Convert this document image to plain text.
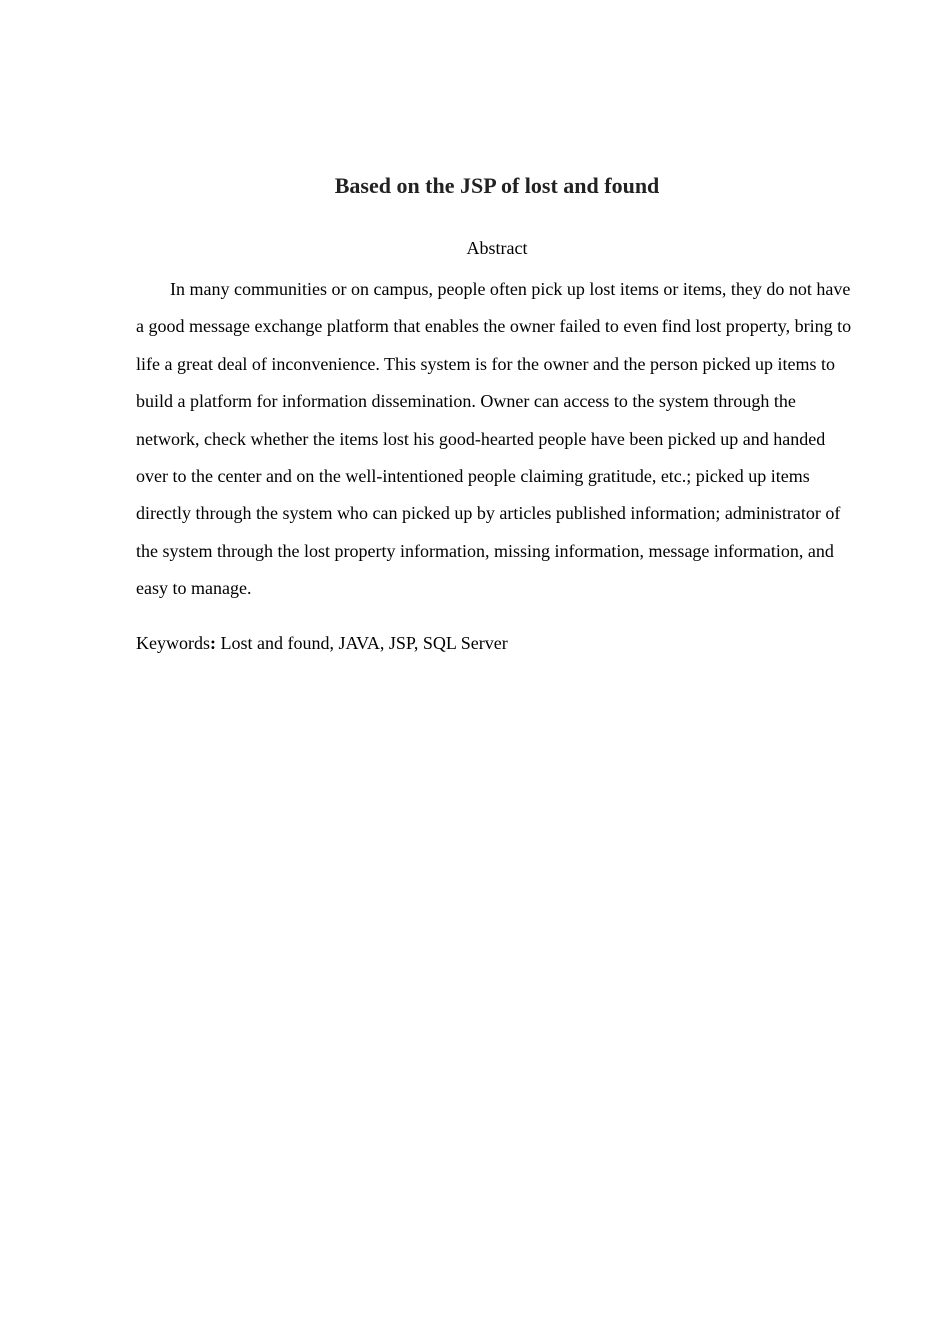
Based on the JSP of lost and found
Abstract

In many communities or on campus, people often pick up lost items or items, they do not have a good message exchange platform that enables the owner failed to even find lost property, bring to life a great deal of inconvenience. This system is for the owner and the person picked up items to build a platform for information dissemination. Owner can access to the system through the network, check whether the items lost his good-hearted people have been picked up and handed over to the center and on the well-intentioned people claiming gratitude, etc.; picked up items directly through the system who can picked up by articles published information; administrator of the system through the lost property information, missing information, message information, and easy to manage.

Keywords: Lost and found, JAVA, JSP, SQL Server
